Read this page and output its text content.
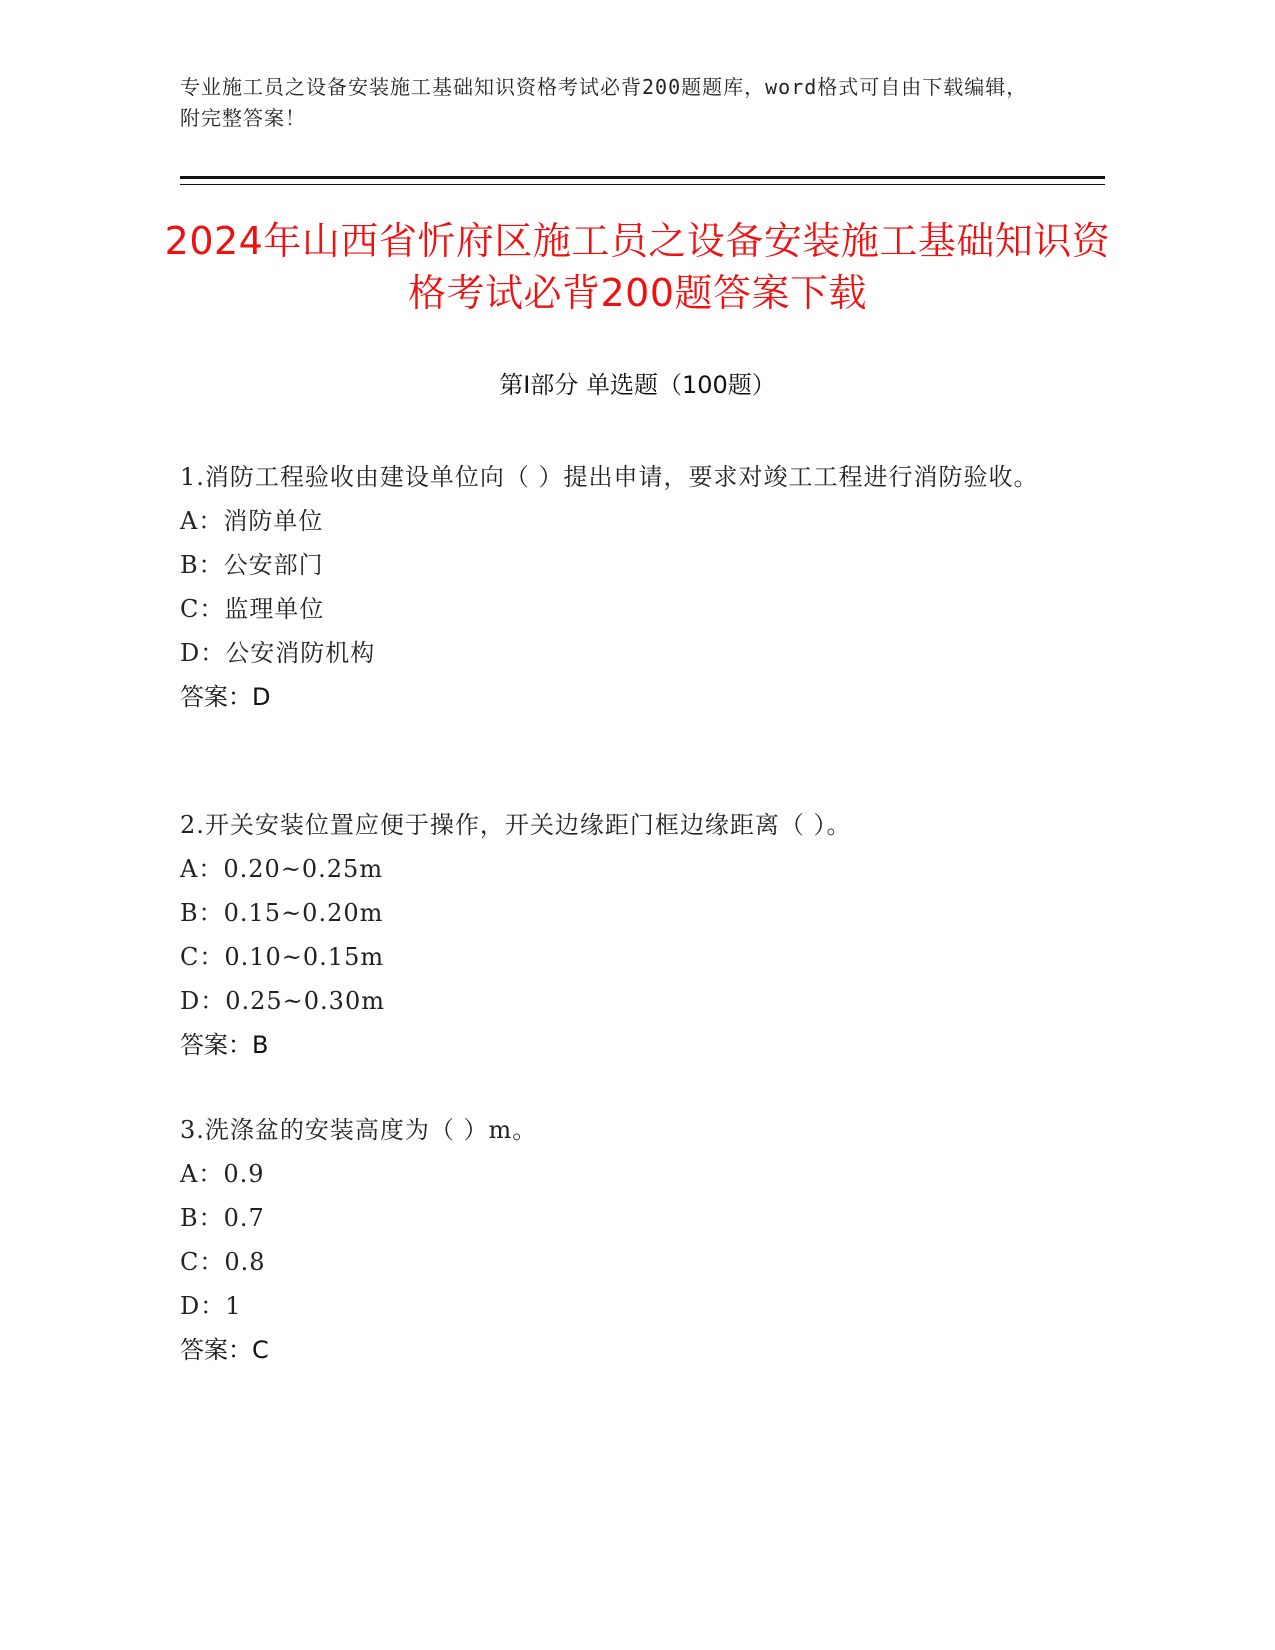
专业施工员之设备安装施工基础知识资格考试必背200题题库，word格式可自由下载编辑，附完整答案！
2024年山西省忻府区施工员之设备安装施工基础知识资格考试必背200题答案下载
第Ⅰ部分 单选题（100题）
1.消防工程验收由建设单位向（ ）提出申请，要求对竣工工程进行消防验收。
A：消防单位
B：公安部门
C：监理单位
D：公安消防机构
答案：D
2.开关安装位置应便于操作，开关边缘距门框边缘距离（ ）。
A：0.20~0.25m
B：0.15~0.20m
C：0.10~0.15m
D：0.25~0.30m
答案：B
3.洗涤盆的安装高度为（ ）m。
A：0.9
B：0.7
C：0.8
D：1
答案：C
